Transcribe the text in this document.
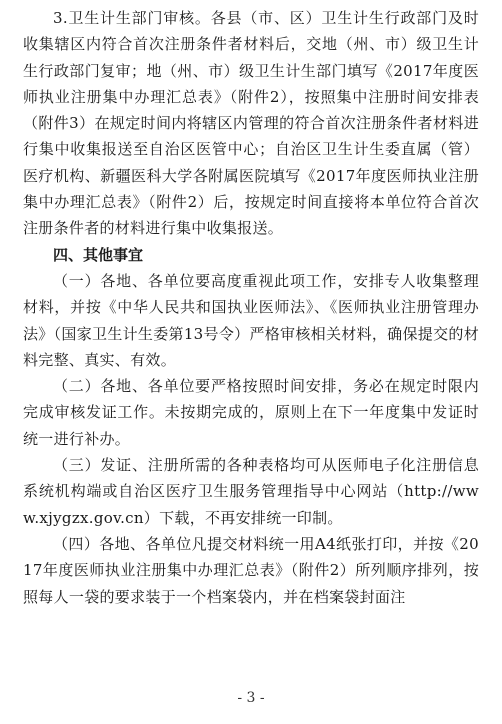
3.卫生计生部门审核。各县（市、区）卫生计生行政部门及时收集辖区内符合首次注册条件者材料后，交地（州、市）级卫生计生行政部门复审；地（州、市）级卫生计生部门填写《2017年度医师执业注册集中办理汇总表》（附件2），按照集中注册时间安排表（附件3）在规定时间内将辖区内管理的符合首次注册条件者材料进行集中收集报送至自治区医管中心；自治区卫生计生委直属（管）医疗机构、新疆医科大学各附属医院填写《2017年度医师执业注册集中办理汇总表》（附件2）后，按规定时间直接将本单位符合首次注册条件者的材料进行集中收集报送。

四、其他事宜

（一）各地、各单位要高度重视此项工作，安排专人收集整理材料，并按《中华人民共和国执业医师法》、《医师执业注册管理办法》（国家卫生计生委第13号令）严格审核相关材料，确保提交的材料完整、真实、有效。

（二）各地、各单位要严格按照时间安排，务必在规定时限内完成审核发证工作。未按期完成的，原则上在下一年度集中发证时统一进行补办。

（三）发证、注册所需的各种表格均可从医师电子化注册信息系统机构端或自治区医疗卫生服务管理指导中心网站（http://www.xjygzx.gov.cn）下载，不再安排统一印制。

（四）各地、各单位凡提交材料统一用A4纸张打印，并按《2017年度医师执业注册集中办理汇总表》（附件2）所列顺序排列，按照每人一袋的要求装于一个档案袋内，并在档案袋封面注

- 3 -
